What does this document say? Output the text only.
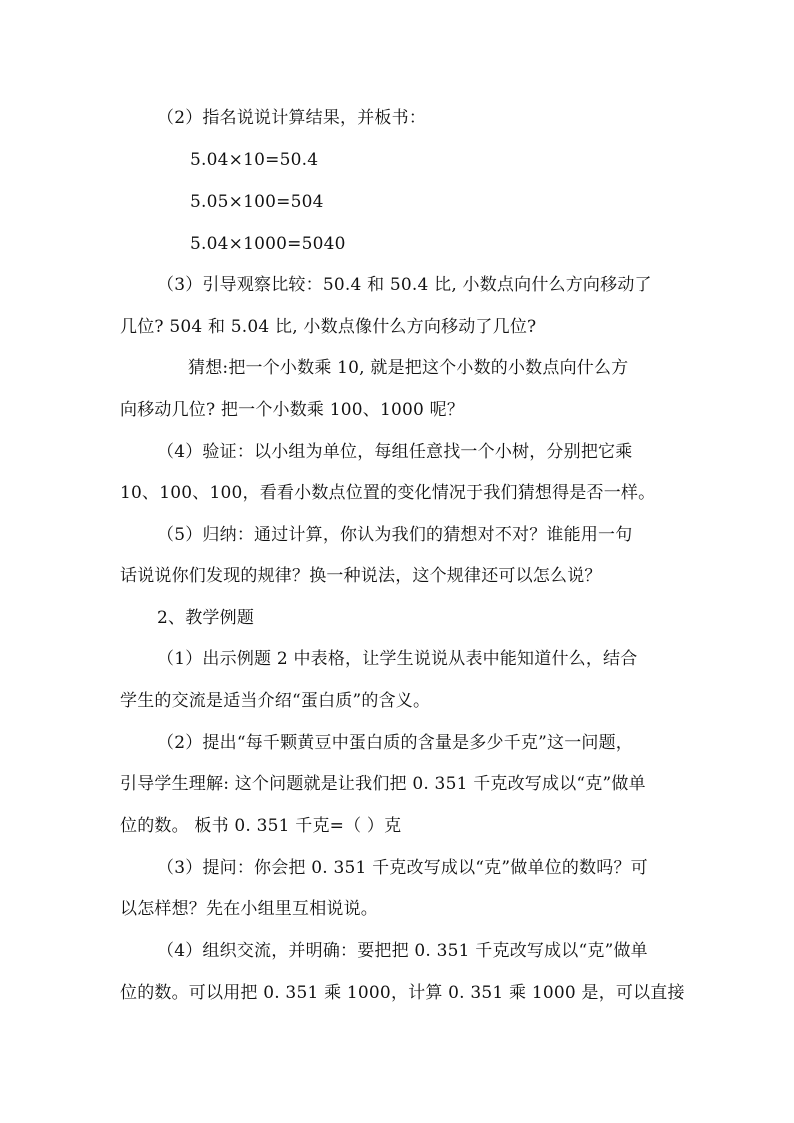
（2）指名说说计算结果，并板书：
5.04×10=50.4
5.05×100=504
5.04×1000=5040
（3）引导观察比较：50.4 和 50.4 比, 小数点向什么方向移动了
几位? 504 和 5.04 比, 小数点像什么方向移动了几位?
猜想:把一个小数乘 10, 就是把这个小数的小数点向什么方
向移动几位? 把一个小数乘 100、1000 呢？
（4）验证：以小组为单位，每组任意找一个小树，分别把它乘
10、100、100，看看小数点位置的变化情况于我们猜想得是否一样。
（5）归纳：通过计算，你认为我们的猜想对不对？谁能用一句
话说说你们发现的规律？换一种说法，这个规律还可以怎么说？
2、教学例题
（1）出示例题 2 中表格，让学生说说从表中能知道什么，结合
学生的交流是适当介绍“蛋白质”的含义。
（2）提出“每千颗黄豆中蛋白质的含量是多少千克”这一问题，
引导学生理解: 这个问题就是让我们把 0. 351 千克改写成以“克”做单
位的数。 板书 0. 351 千克=（ ）克
（3）提问：你会把 0. 351 千克改写成以“克”做单位的数吗？可
以怎样想？先在小组里互相说说。
（4）组织交流，并明确：要把把 0. 351 千克改写成以“克”做单
位的数。可以用把 0. 351 乘 1000，计算 0. 351 乘 1000 是，可以直接
